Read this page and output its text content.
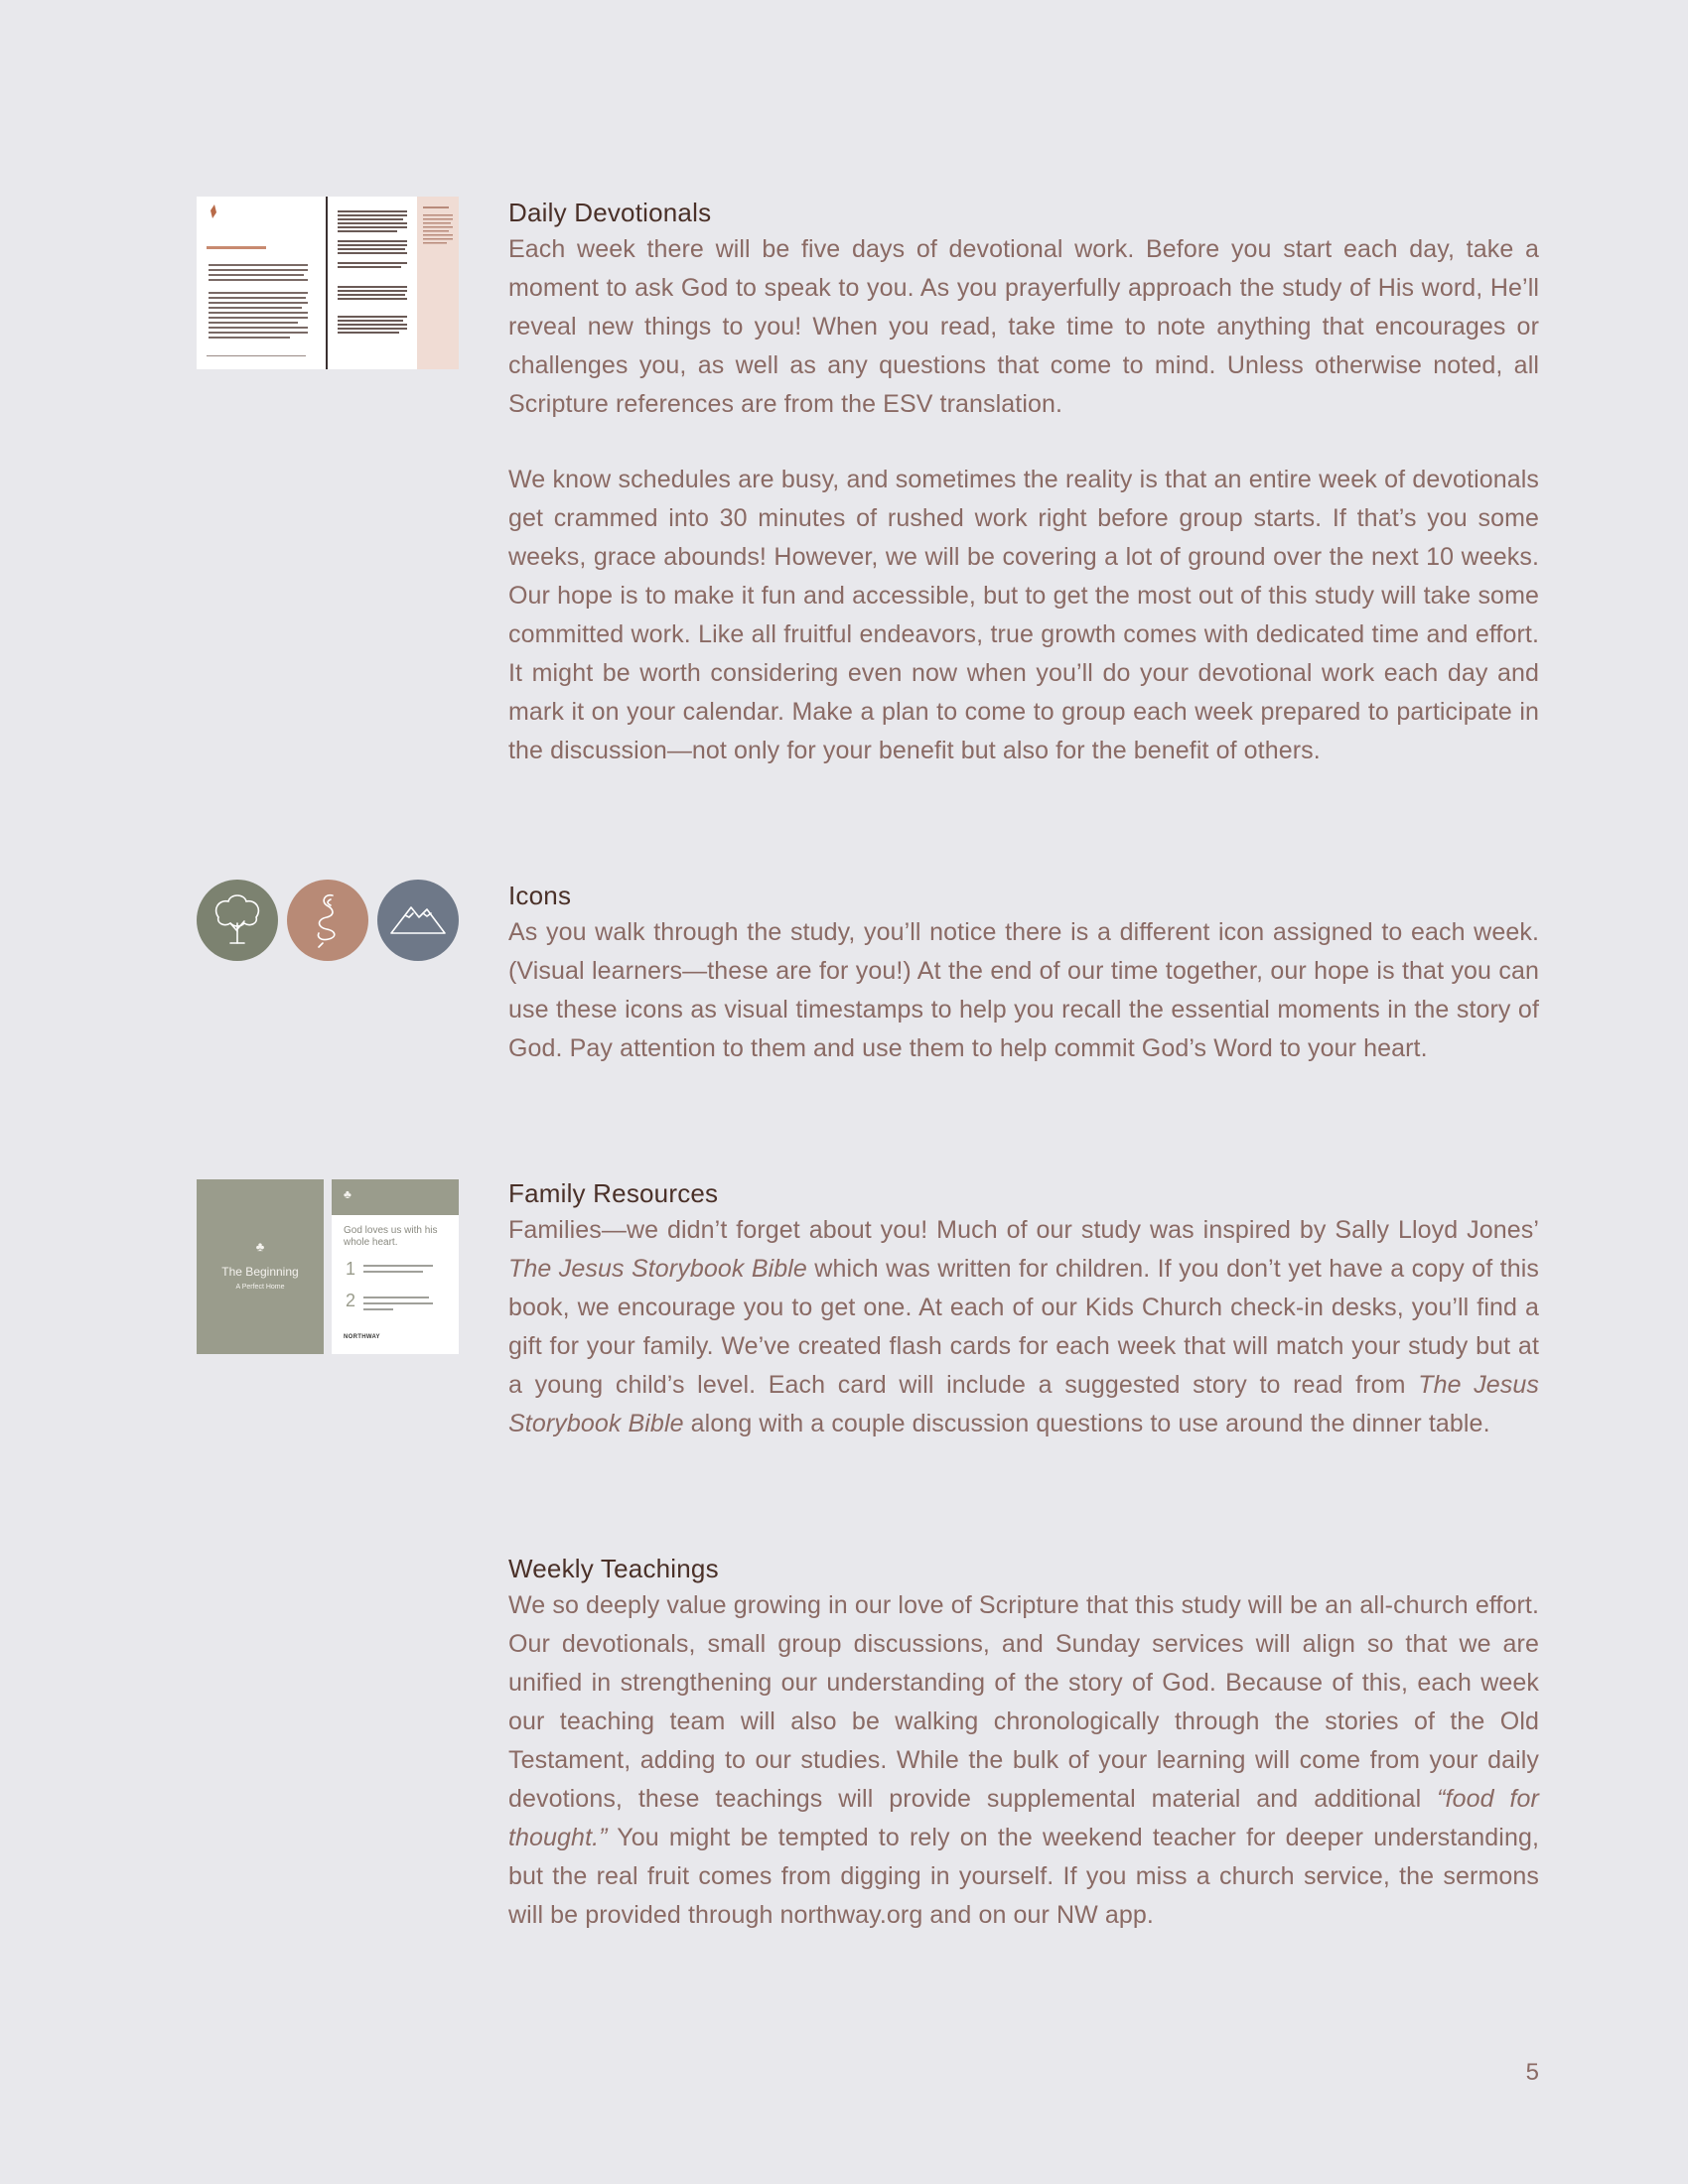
Daily Devotionals

Each week there will be five days of devotional work. Before you start each day, take a moment to ask God to speak to you. As you prayerfully approach the study of His word, He’ll reveal new things to you! When you read, take time to note anything that encourages or challenges you, as well as any questions that come to mind. Unless otherwise noted, all Scripture references are from the ESV translation.

We know schedules are busy, and sometimes the reality is that an entire week of devotionals get crammed into 30 minutes of rushed work right before group starts. If that’s you some weeks, grace abounds! However, we will be covering a lot of ground over the next 10 weeks. Our hope is to make it fun and accessible, but to get the most out of this study will take some committed work. Like all fruitful endeavors, true growth comes with dedicated time and effort. It might be worth considering even now when you’ll do your devotional work each day and mark it on your calendar. Make a plan to come to group each week prepared to participate in the discussion—not only for your benefit but also for the benefit of others.

Icons

As you walk through the study, you’ll notice there is a different icon assigned to each week. (Visual learners—these are for you!) At the end of our time together, our hope is that you can use these icons as visual timestamps to help you recall the essential moments in the story of God. Pay attention to them and use them to help commit God’s Word to your heart.

♣
The Beginning
A Perfect Home
♣
God loves us with his whole heart.
1
2
NORTHWAY
Family Resources

Families—we didn’t forget about you! Much of our study was inspired by Sally Lloyd Jones’ The Jesus Storybook Bible which was written for children. If you don’t yet have a copy of this book, we encourage you to get one. At each of our Kids Church check-in desks, you’ll find a gift for your family. We’ve created flash cards for each week that will match your study but at a young child’s level. Each card will include a suggested story to read from The Jesus Storybook Bible along with a couple discussion questions to use around the dinner table.

Weekly Teachings

We so deeply value growing in our love of Scripture that this study will be an all-church effort. Our devotionals, small group discussions, and Sunday services will align so that we are unified in strengthening our understanding of the story of God. Because of this, each week our teaching team will also be walking chronologically through the stories of the Old Testament, adding to our studies. While the bulk of your learning will come from your daily devotions, these teachings will provide supplemental material and additional “food for thought.” You might be tempted to rely on the weekend teacher for deeper understanding, but the real fruit comes from digging in yourself. If you miss a church service, the sermons will be provided through northway.org and on our NW app.

5
